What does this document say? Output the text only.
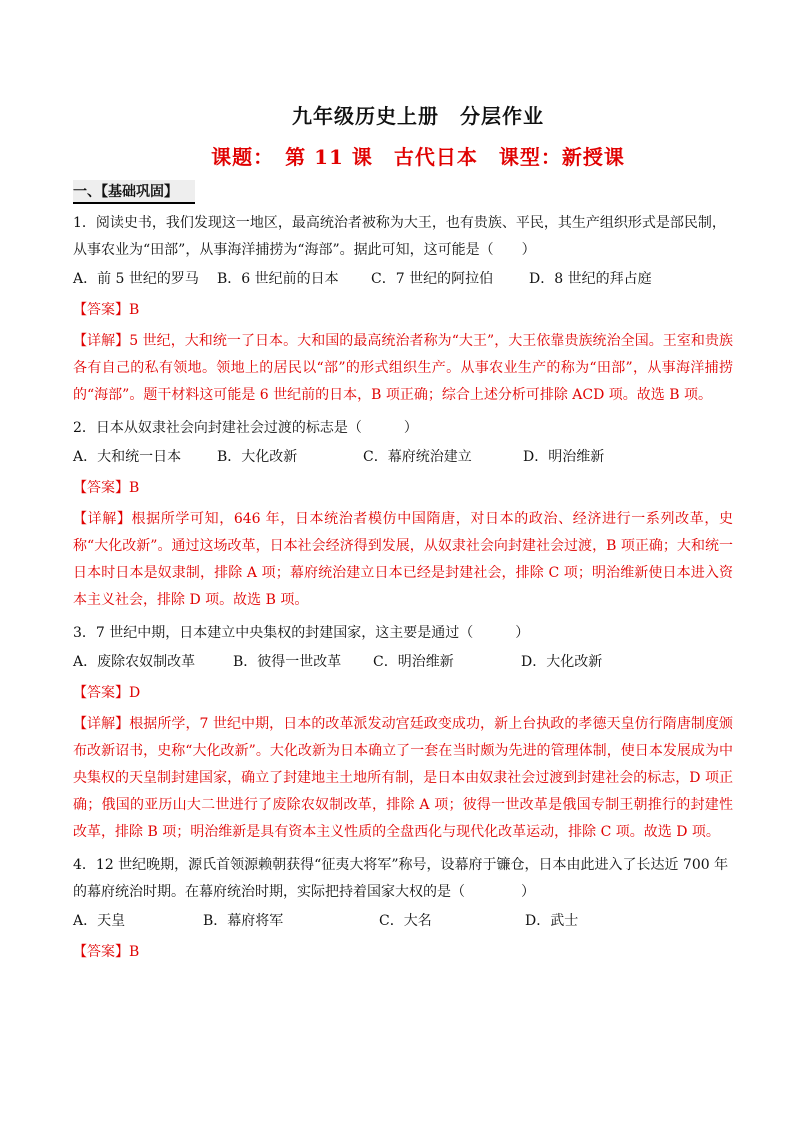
九年级历史上册　分层作业
课题：　第 11 课　古代日本　课型：新授课
一、【基础巩固】
1．阅读史书，我们发现这一地区，最高统治者被称为大王，也有贵族、平民，其生产组织形式是部民制，从事农业为“田部”，从事海洋捕捞为“海部”。据此可知，这可能是（　　）
A．前 5 世纪的罗马	B．6 世纪前的日本	C．7 世纪的阿拉伯	D．8 世纪的拜占庭
【答案】B
【详解】5 世纪，大和统一了日本。大和国的最高统治者称为“大王”，大王依靠贵族统治全国。王室和贵族各有自己的私有领地。领地上的居民以“部”的形式组织生产。从事农业生产的称为“田部”，从事海洋捕捞的“海部”。题干材料这可能是 6 世纪前的日本，B 项正确；综合上述分析可排除 ACD 项。故选 B 项。
2．日本从奴隶社会向封建社会过渡的标志是（　　　）
A．大和统一日本	B．大化改新	C．幕府统治建立	D．明治维新
【答案】B
【详解】根据所学可知，646 年，日本统治者模仿中国隋唐，对日本的政治、经济进行一系列改革，史称“大化改新”。通过这场改革，日本社会经济得到发展，从奴隶社会向封建社会过渡，B 项正确；大和统一 日本时日本是奴隶制，排除 A 项；幕府统治建立日本已经是封建社会，排除 C 项；明治维新使日本进入资本主义社会，排除 D 项。故选 B 项。
3．7 世纪中期，日本建立中央集权的封建国家，这主要是通过（　　　）
A．废除农奴制改革	B．彼得一世改革	C．明治维新	D．大化改新
【答案】D
【详解】根据所学，7 世纪中期，日本的改革派发动宫廷政变成功，新上台执政的孝德天皇仿行隋唐制度颁布改新诏书，史称“大化改新”。大化改新为日本确立了一套在当时颇为先进的管理体制，使日本发展成为中央集权的天皇制封建国家，确立了封建地主土地所有制，是日本由奴隶社会过渡到封建社会的标志，D 项正确；俄国的亚历山大二世进行了废除农奴制改革，排除 A 项；彼得一世改革是俄国专制王朝推行的封建性改革，排除 B 项；明治维新是具有资本主义性质的全盘西化与现代化改革运动，排除 C 项。故选 D 项。
4．12 世纪晚期，源氏首领源赖朝获得“征夷大将军”称号，设幕府于镰仓，日本由此进入了长达近 700 年的幕府统治时期。在幕府统治时期，实际把持着国家大权的是（　　　　）
A．天皇	B．幕府将军	C．大名	D．武士
【答案】B
